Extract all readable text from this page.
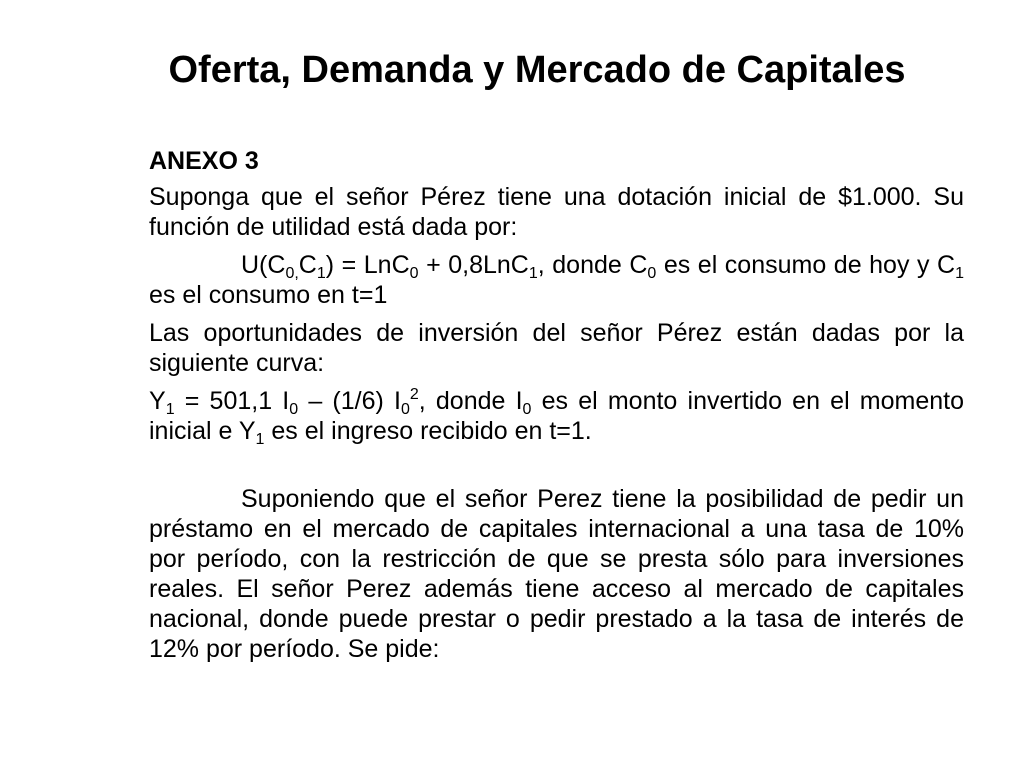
Oferta, Demanda y Mercado de Capitales

ANEXO 3

Suponga que el señor Pérez tiene una dotación inicial de $1.000. Su función de utilidad está dada por:

$U(C_{0,}C_1) = LnC_0 + 0,8LnC_1$, donde $C_0$ es el consumo de hoy y $C_1$ es el consumo en t=1

Las oportunidades de inversión del señor Pérez están dadas por la siguiente curva:

$Y_1 = 501,1$ $I_0 - (1/6)$ $I_0^2$, donde $I_0$ es el monto invertido en el momento inicial e $Y_1$ es el ingreso recibido en t=1.

Suponiendo que el señor Perez tiene la posibilidad de pedir un préstamo en el mercado de capitales internacional a una tasa de 10% por período, con la restricción de que se presta sólo para inversiones reales. El señor Perez además tiene acceso al mercado de capitales nacional, donde puede prestar o pedir prestado a la tasa de interés de 12% por período. Se pide:
